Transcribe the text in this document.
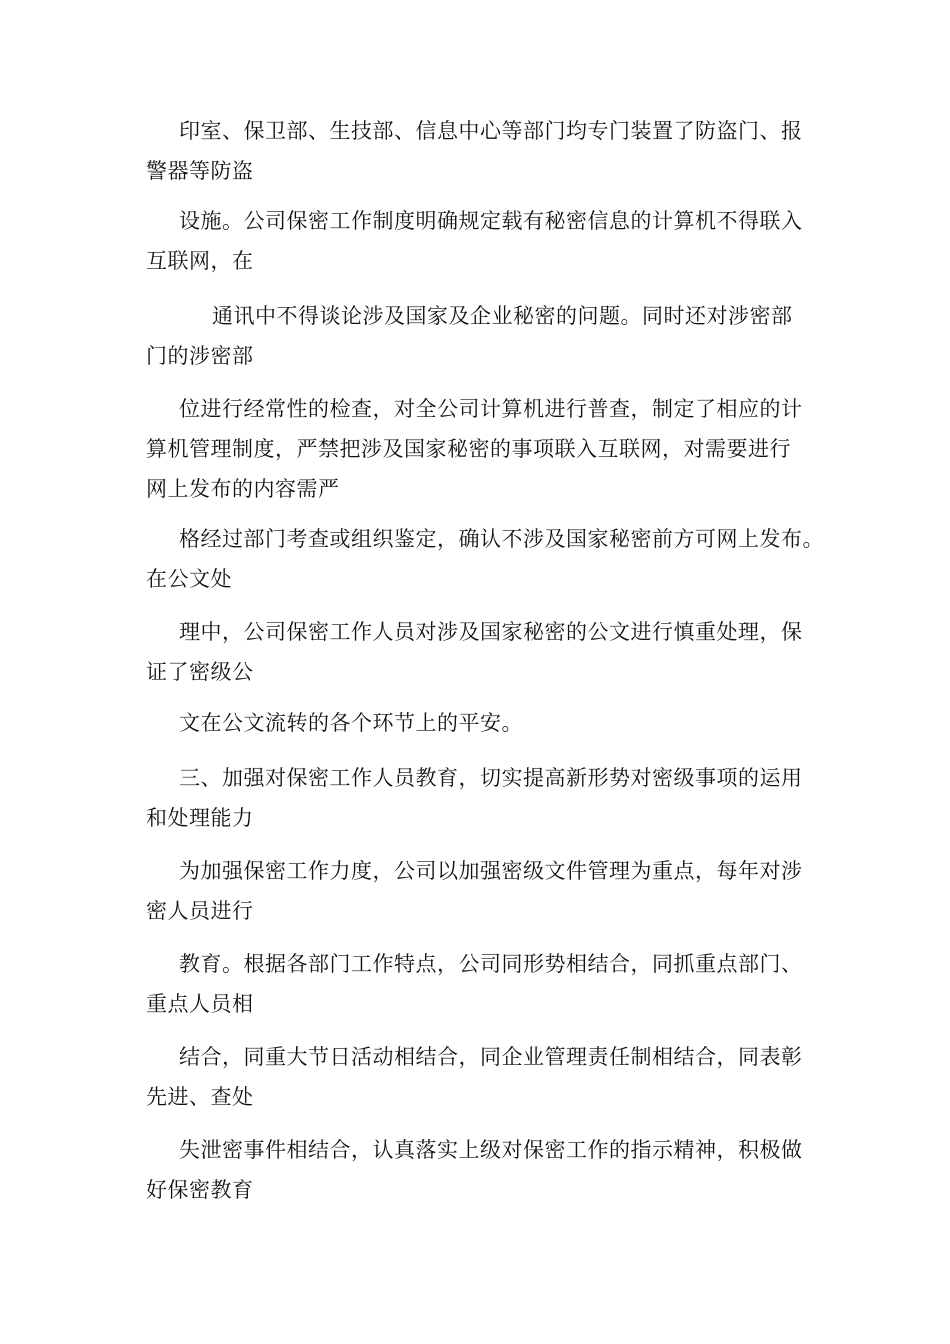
印室、保卫部、生技部、信息中心等部门均专门装置了防盗门、报
警器等防盗
设施。公司保密工作制度明确规定载有秘密信息的计算机不得联入
互联网，在
通讯中不得谈论涉及国家及企业秘密的问题。同时还对涉密部
门的涉密部
位进行经常性的检查，对全公司计算机进行普查，制定了相应的计
算机管理制度，严禁把涉及国家秘密的事项联入互联网，对需要进行
网上发布的内容需严
格经过部门考查或组织鉴定，确认不涉及国家秘密前方可网上发布。
在公文处
理中，公司保密工作人员对涉及国家秘密的公文进行慎重处理，保
证了密级公
文在公文流转的各个环节上的平安。
三、加强对保密工作人员教育，切实提高新形势对密级事项的运用
和处理能力
为加强保密工作力度，公司以加强密级文件管理为重点，每年对涉
密人员进行
教育。根据各部门工作特点，公司同形势相结合，同抓重点部门、
重点人员相
结合，同重大节日活动相结合，同企业管理责任制相结合，同表彰
先进、查处
失泄密事件相结合，认真落实上级对保密工作的指示精神，积极做
好保密教育
